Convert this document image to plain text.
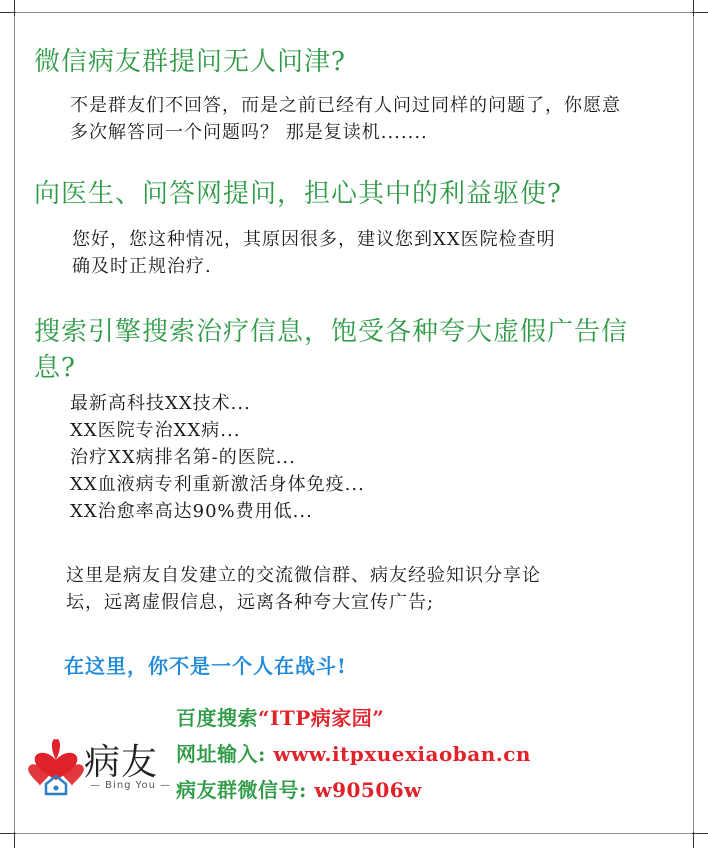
微信病友群提问无人问津?
不是群友们不回答，而是之前已经有人问过同样的问题了，你愿意
多次解答同一个问题吗？ 那是复读机.......
向医生、问答网提问，担心其中的利益驱使?
您好，您这种情况，其原因很多，建议您到XX医院检查明
确及时正规治疗.
搜索引擎搜索治疗信息，饱受各种夸大虚假广告信
息?
最新高科技XX技术...
XX医院专治XX病...
治疗XX病排名第-的医院...
XX血液病专利重新激活身体免疫...
XX治愈率高达90%费用低...
这里是病友自发建立的交流微信群、病友经验知识分享论
坛，远离虚假信息，远离各种夸大宣传广告;

在这里，你不是一个人在战斗!

百度搜索“ITP病家园”

网址输入: www.itpxuexiaoban.cn

病友群微信号: w90506w

病友
— Bing You —
